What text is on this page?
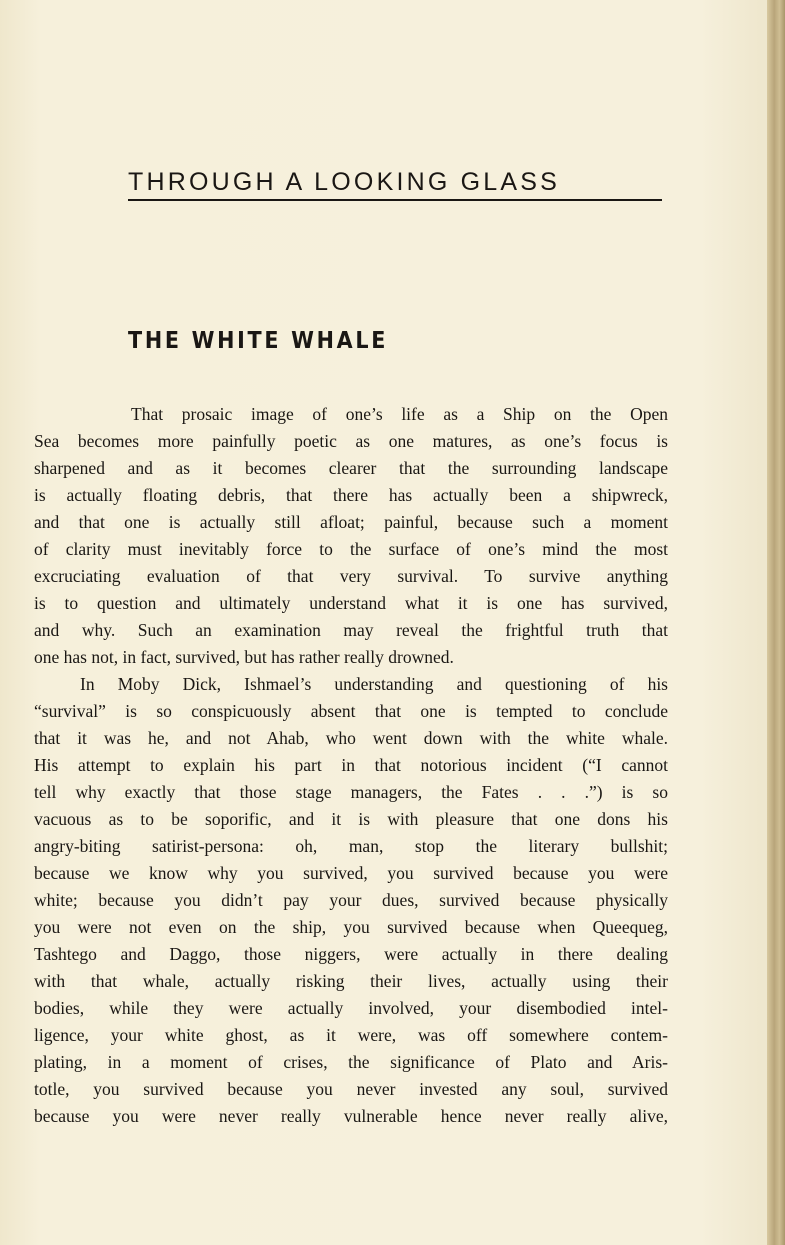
THROUGH A LOOKING GLASS
THE WHITE WHALE
That prosaic image of one’s life as a Ship on the Open
Sea becomes more painfully poetic as one matures, as one’s focus is
sharpened and as it becomes clearer that the surrounding landscape
is actually floating debris, that there has actually been a shipwreck,
and that one is actually still afloat; painful, because such a moment
of clarity must inevitably force to the surface of one’s mind the most
excruciating evaluation of that very survival. To survive anything
is to question and ultimately understand what it is one has survived,
and why. Such an examination may reveal the frightful truth that
one has not, in fact, survived, but has rather really drowned.
In Moby Dick, Ishmael’s understanding and questioning of his
“survival” is so conspicuously absent that one is tempted to conclude
that it was he, and not Ahab, who went down with the white whale.
His attempt to explain his part in that notorious incident (“I cannot
tell why exactly that those stage managers, the Fates . . .”) is so
vacuous as to be soporific, and it is with pleasure that one dons his
angry-biting satirist-persona: oh, man, stop the literary bullshit;
because we know why you survived, you survived because you were
white; because you didn’t pay your dues, survived because physically
you were not even on the ship, you survived because when Queequeg,
Tashtego and Daggo, those niggers, were actually in there dealing
with that whale, actually risking their lives, actually using their
bodies, while they were actually involved, your disembodied intel-
ligence, your white ghost, as it were, was off somewhere contem-
plating, in a moment of crises, the significance of Plato and Aris-
totle, you survived because you never invested any soul, survived
because you were never really vulnerable hence never really alive,
